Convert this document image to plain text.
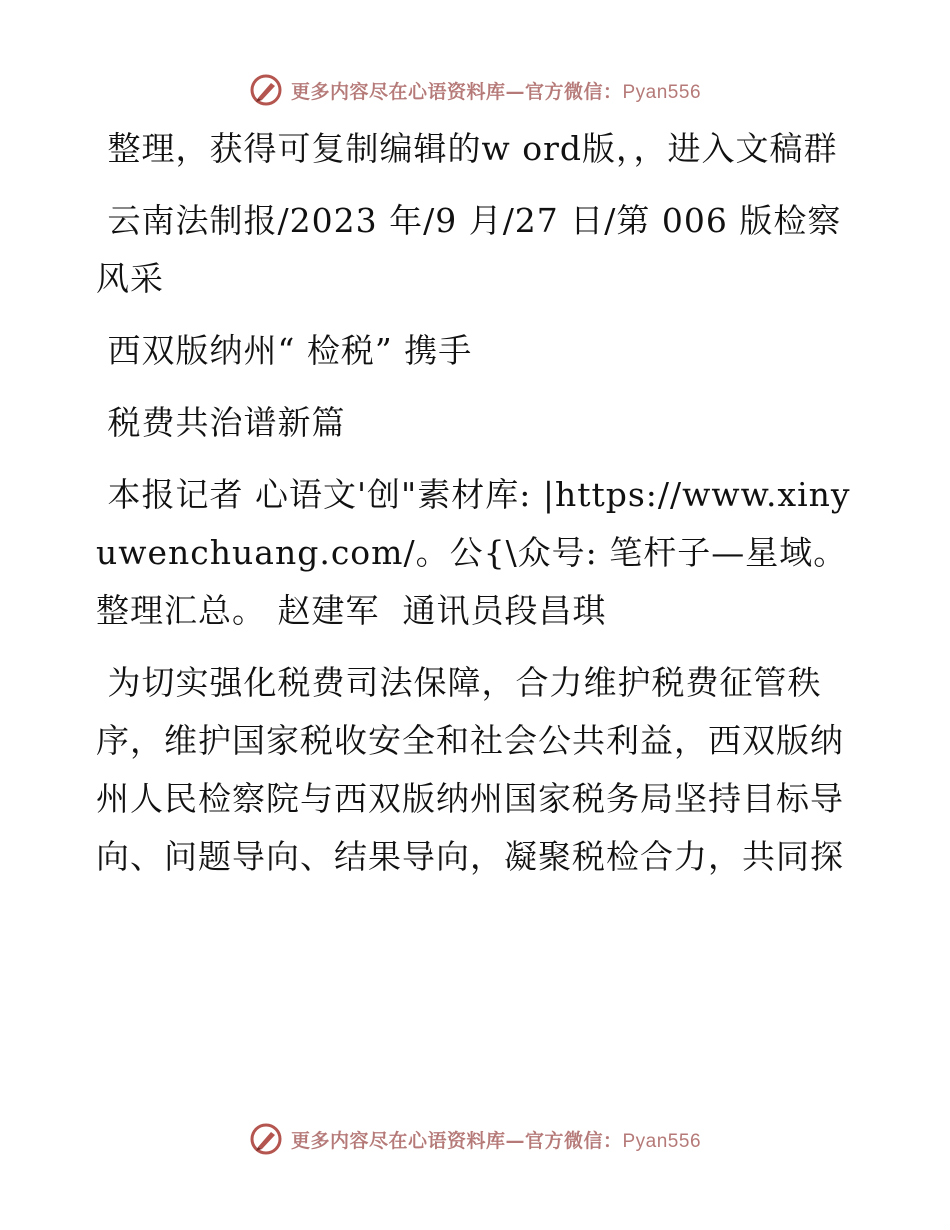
更多内容尽在心语资料库—官方微信：Pyan556

整理，获得可复制编辑的w ord版，，进入文稿群

云南法制报/2023 年/9 月/27 日/第 006 版检察风采

西双版纳州“ 检税” 携手

税费共治谱新篇

本报记者 心语文'创"素材库: |https://www.xinyuwenchuang.com/。公{\众号: 笔杆子—星域。整理汇总。 赵建军  通讯员段昌琪

为切实强化税费司法保障，合力维护税费征管秩序，维护国家税收安全和社会公共利益，西双版纳州人民检察院与西双版纳州国家税务局坚持目标导向、问题导向、结果导向，凝聚税检合力，共同探

更多内容尽在心语资料库—官方微信：Pyan556
